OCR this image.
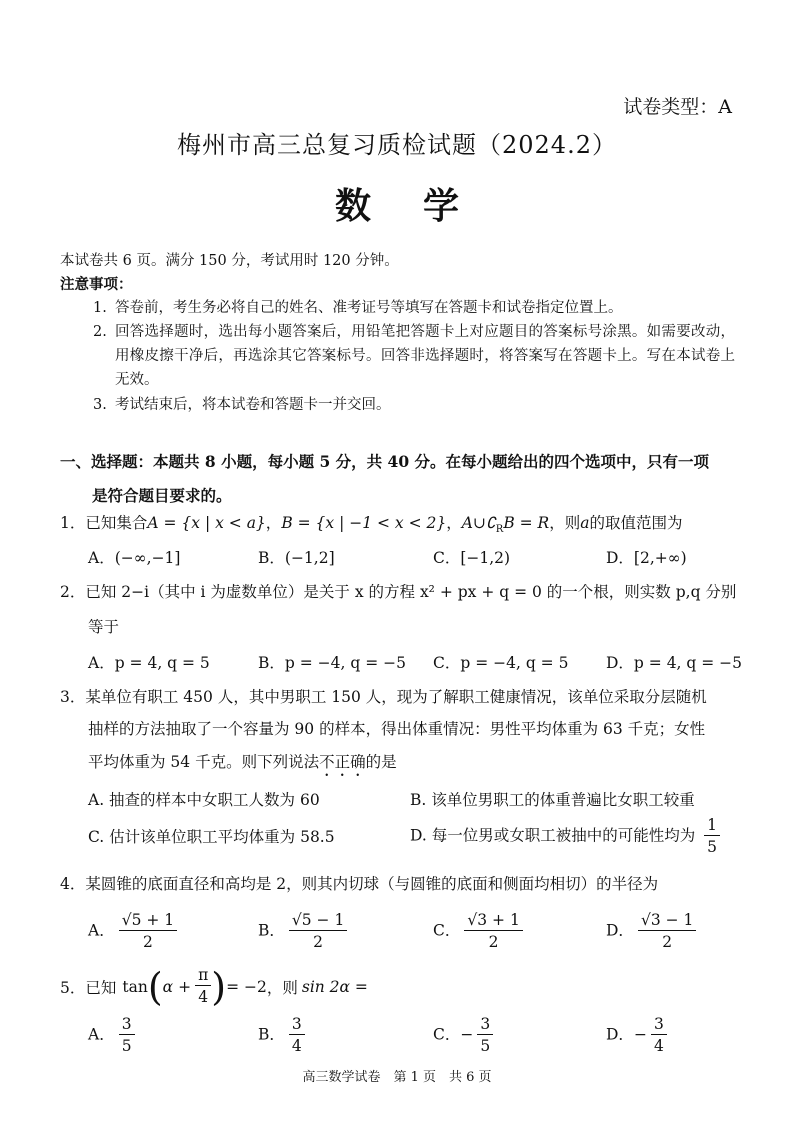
试卷类型：A
梅州市高三总复习质检试题（2024.2）
数学
本试卷共 6 页。满分 150 分，考试用时 120 分钟。
注意事项：
1. 答卷前，考生务必将自己的姓名、准考证号等填写在答题卡和试卷指定位置上。
2. 回答选择题时，选出每小题答案后，用铅笔把答题卡上对应题目的答案标号涂黑。如需要改动，用橡皮擦干净后，再选涂其它答案标号。回答非选择题时，将答案写在答题卡上。写在本试卷上无效。
3. 考试结束后，将本试卷和答题卡一并交回。
一、选择题：本题共 8 小题，每小题 5 分，共 40 分。在每小题给出的四个选项中，只有一项
是符合题目要求的。
1．已知集合A = {x | x < a}，B = {x | −1 < x < 2}，$A\cup∁_RB = R$，则a的取值范围为
A．(−∞,−1]	B．(−1,2]	C．[−1,2)	D．[2,+∞)
2．已知 2−i（其中 i 为虚数单位）是关于 x 的方程 x² + px + q = 0 的一个根，则实数 p,q 分别
等于
A．p = 4, q = 5	B．p = −4, q = −5 C．p = −4, q = 5 D．p = 4, q = −5
3．某单位有职工 450 人，其中男职工 150 人，现为了解职工健康情况，该单位采取分层随机
抽样的方法抽取了一个容量为 90 的样本，得出体重情况：男性平均体重为 63 千克；女性
平均体重为 54 千克。则下列说法不正确的是
A. 抽查的样本中女职工人数为 60	B. 该单位男职工的体重普遍比女职工较重
C. 估计该单位职工平均体重为 58.5	D. 每一位男或女职工被抽中的可能性均为 $\frac{1}{5}$
4．某圆锥的底面直径和高均是 2，则其内切球（与圆锥的底面和侧面均相切）的半径为
A． $\frac{√5 + 1}{2}$	B． $\frac{√5 - 1}{2}$	C． $\frac{√3 + 1}{2}$	D． $\frac{√3 - 1}{2}$
5． 已知 tan ( $\alpha + \frac{\pi}{4}$ ) = −2 ，则 sin 2α =
A． $\frac{3}{5}$	B． $\frac{3}{4}$	C．− $\frac{3}{5}$	D．− $\frac{3}{4}$
高三数学试卷　第 1 页　共 6 页
